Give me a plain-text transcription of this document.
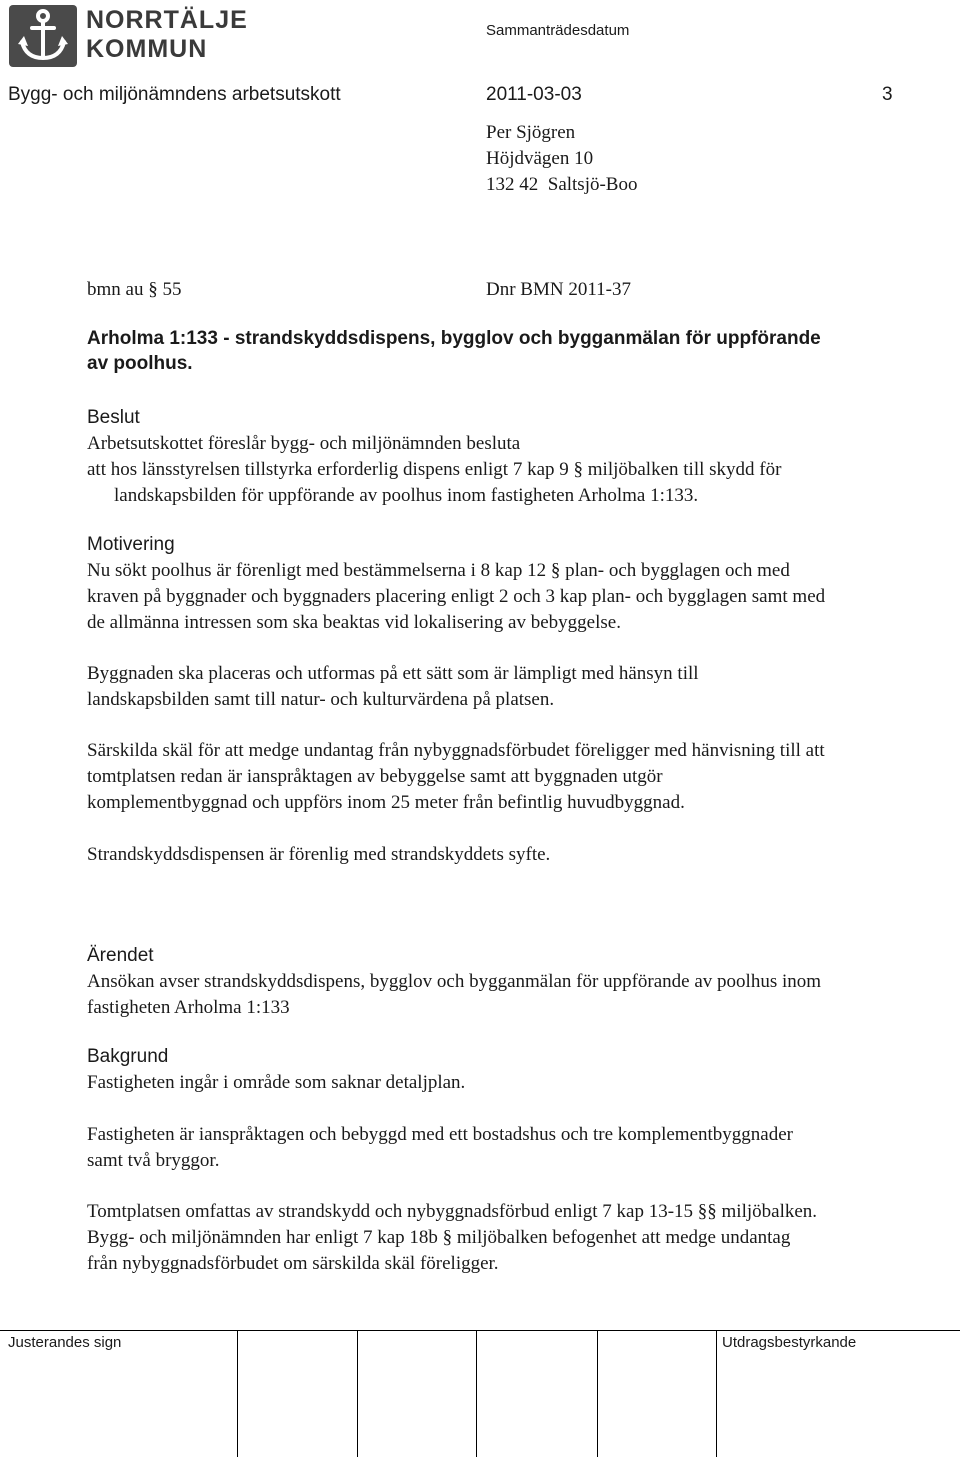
NORRTÄLJE
KOMMUN
Sammanträdesdatum
Bygg- och miljönämndens arbetsutskott	2011-03-03	3
Per Sjögren
Höjdvägen 10
132 42  Saltsjö-Boo
bmn au § 55	Dnr BMN 2011-37
Arholma 1:133 - strandskyddsdispens, bygglov och bygganmälan för uppförande
av poolhus.
Beslut
Arbetsutskottet föreslår bygg- och miljönämnden besluta
att hos länsstyrelsen tillstyrka erforderlig dispens enligt 7 kap 9 § miljöbalken till skydd för
landskapsbilden för uppförande av poolhus inom fastigheten Arholma 1:133.
Motivering
Nu sökt poolhus är förenligt med bestämmelserna i 8 kap 12 § plan- och bygglagen och med
kraven på byggnader och byggnaders placering enligt 2 och 3 kap plan- och bygglagen samt med
de allmänna intressen som ska beaktas vid lokalisering av bebyggelse.
Byggnaden ska placeras och utformas på ett sätt som är lämpligt med hänsyn till
landskapsbilden samt till natur- och kulturvärdena på platsen.
Särskilda skäl för att medge undantag från nybyggnadsförbudet föreligger med hänvisning till att
tomtplatsen redan är ianspråktagen av bebyggelse samt att byggnaden utgör
komplementbyggnad och uppförs inom 25 meter från befintlig huvudbyggnad.
Strandskyddsdispensen är förenlig med strandskyddets syfte.
Ärendet
Ansökan avser strandskyddsdispens, bygglov och bygganmälan för uppförande av poolhus inom
fastigheten Arholma 1:133
Bakgrund
Fastigheten ingår i område som saknar detaljplan.
Fastigheten är ianspråktagen och bebyggd med ett bostadshus och tre komplementbyggnader
samt två bryggor.
Tomtplatsen omfattas av strandskydd och nybyggnadsförbud enligt 7 kap 13-15 §§ miljöbalken.
Bygg- och miljönämnden har enligt 7 kap 18b § miljöbalken befogenhet att medge undantag
från nybyggnadsförbudet om särskilda skäl föreligger.
Justerandes sign	Utdragsbestyrkande
